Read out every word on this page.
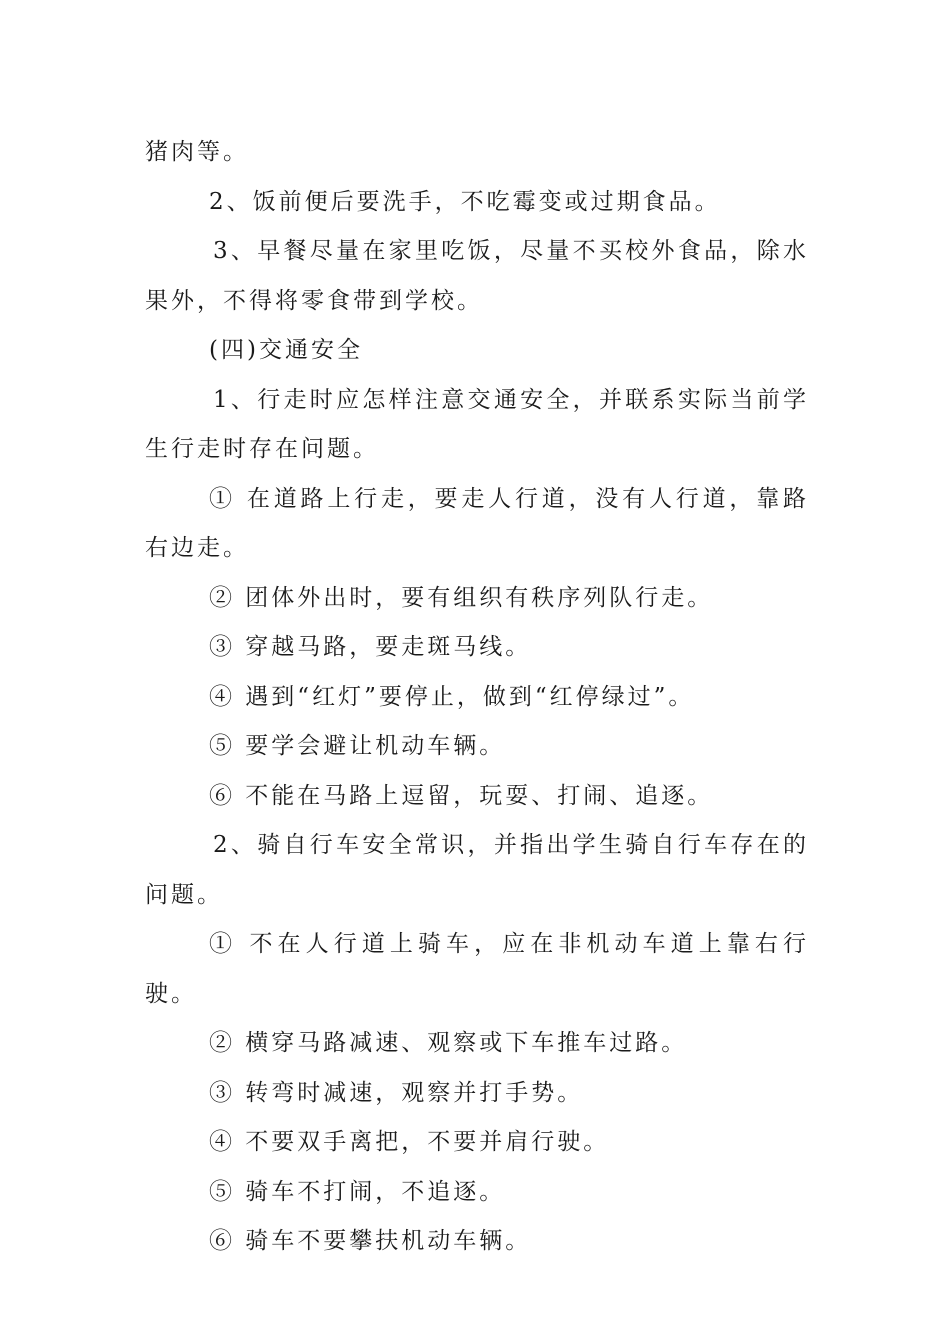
猪肉等。

2、饭前便后要洗手，不吃霉变或过期食品。

3、早餐尽量在家里吃饭，尽量不买校外食品，除水果外，不得将零食带到学校。

(四)交通安全

1、行走时应怎样注意交通安全，并联系实际当前学生行走时存在问题。

① 在道路上行走，要走人行道，没有人行道，靠路右边走。

② 团体外出时，要有组织有秩序列队行走。

③ 穿越马路，要走斑马线。

④ 遇到“红灯”要停止，做到“红停绿过”。

⑤ 要学会避让机动车辆。

⑥ 不能在马路上逗留，玩耍、打闹、追逐。

2、骑自行车安全常识，并指出学生骑自行车存在的问题。

① 不在人行道上骑车，应在非机动车道上靠右行驶。

② 横穿马路减速、观察或下车推车过路。

③ 转弯时减速，观察并打手势。

④ 不要双手离把，不要并肩行驶。

⑤ 骑车不打闹，不追逐。

⑥ 骑车不要攀扶机动车辆。
